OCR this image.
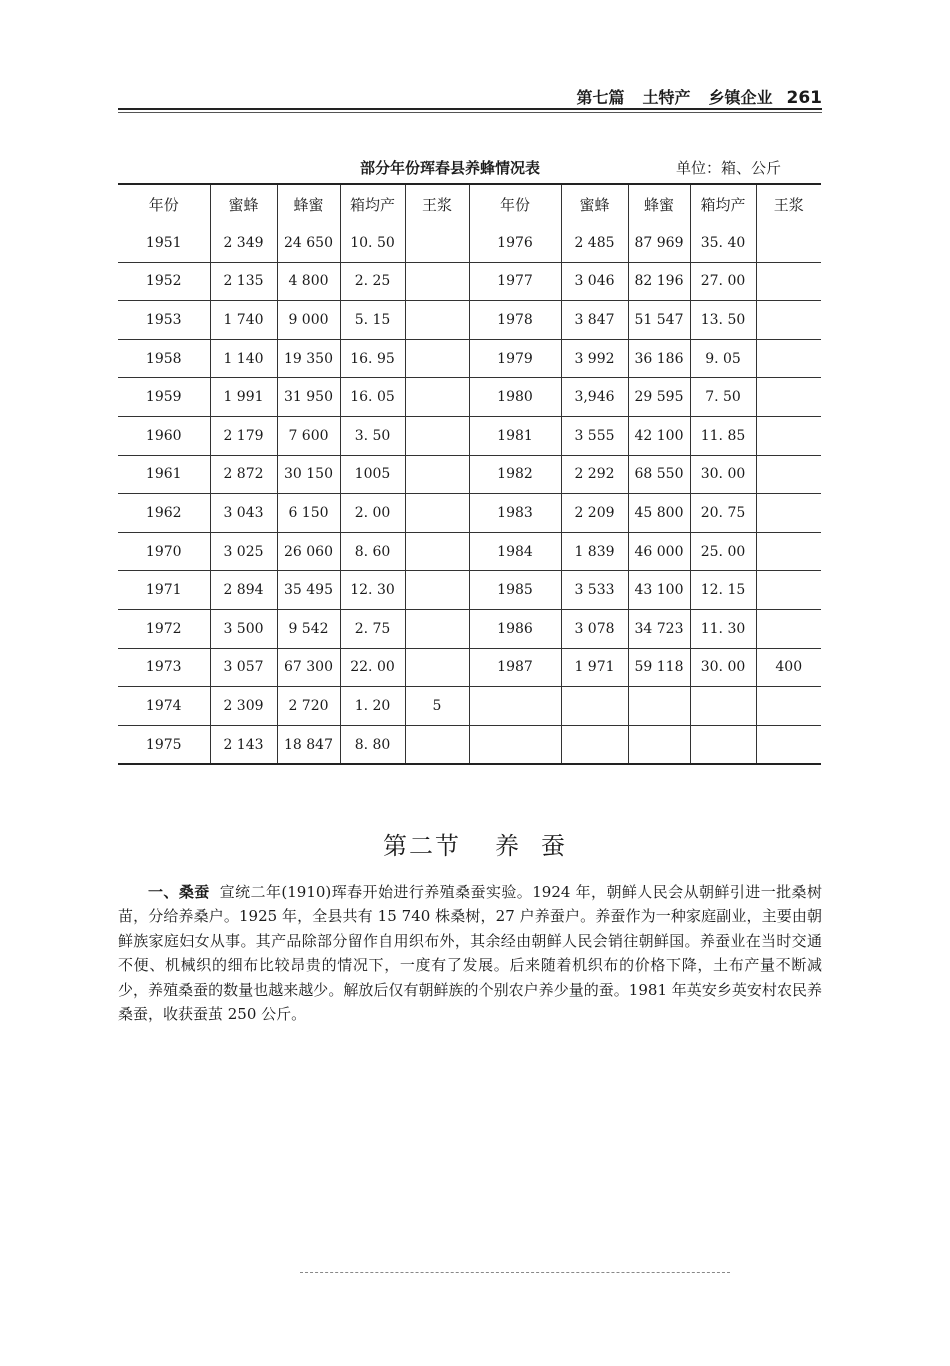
第七篇 土特产 乡镇企业 261
部分年份珲春县养蜂情况表	单位：箱、公斤
年份	蜜蜂	蜂蜜	箱均产	王浆	年份	蜜蜂	蜂蜜	箱均产	王浆
1951	2 349	24 650	10. 50		1976	2 485	87 969	35. 40	
1952	2 135	4 800	2. 25		1977	3 046	82 196	27. 00	
1953	1 740	9 000	5. 15		1978	3 847	51 547	13. 50	
1958	1 140	19 350	16. 95		1979	3 992	36 186	9. 05	
1959	1 991	31 950	16. 05		1980	3,946	29 595	7. 50	
1960	2 179	7 600	3. 50		1981	3 555	42 100	11. 85	
1961	2 872	30 150	1005		1982	2 292	68 550	30. 00	
1962	3 043	6 150	2. 00		1983	2 209	45 800	20. 75	
1970	3 025	26 060	8. 60		1984	1 839	46 000	25. 00	
1971	2 894	35 495	12. 30		1985	3 533	43 100	12. 15	
1972	3 500	9 542	2. 75		1986	3 078	34 723	11. 30	
1973	3 057	67 300	22. 00		1987	1 971	59 118	30. 00	400
1974	2 309	2 720	1. 20	5					
1975	2 143	18 847	8. 80						
第二节 养 蚕
一、桑蚕 宣统二年(1910)珲春开始进行养殖桑蚕实验。1924 年，朝鲜人民会从朝鲜引进一批桑树苗，分给养桑户。1925 年，全县共有 15 740 株桑树，27 户养蚕户。养蚕作为一种家庭副业，主要由朝鲜族家庭妇女从事。其产品除部分留作自用织布外，其余经由朝鲜人民会销往朝鲜国。养蚕业在当时交通不便、机械织的细布比较昂贵的情况下，一度有了发展。后来随着机织布的价格下降，土布产量不断减少，养殖桑蚕的数量也越来越少。解放后仅有朝鲜族的个别农户养少量的蚕。1981 年英安乡英安村农民养桑蚕，收获蚕茧 250 公斤。
